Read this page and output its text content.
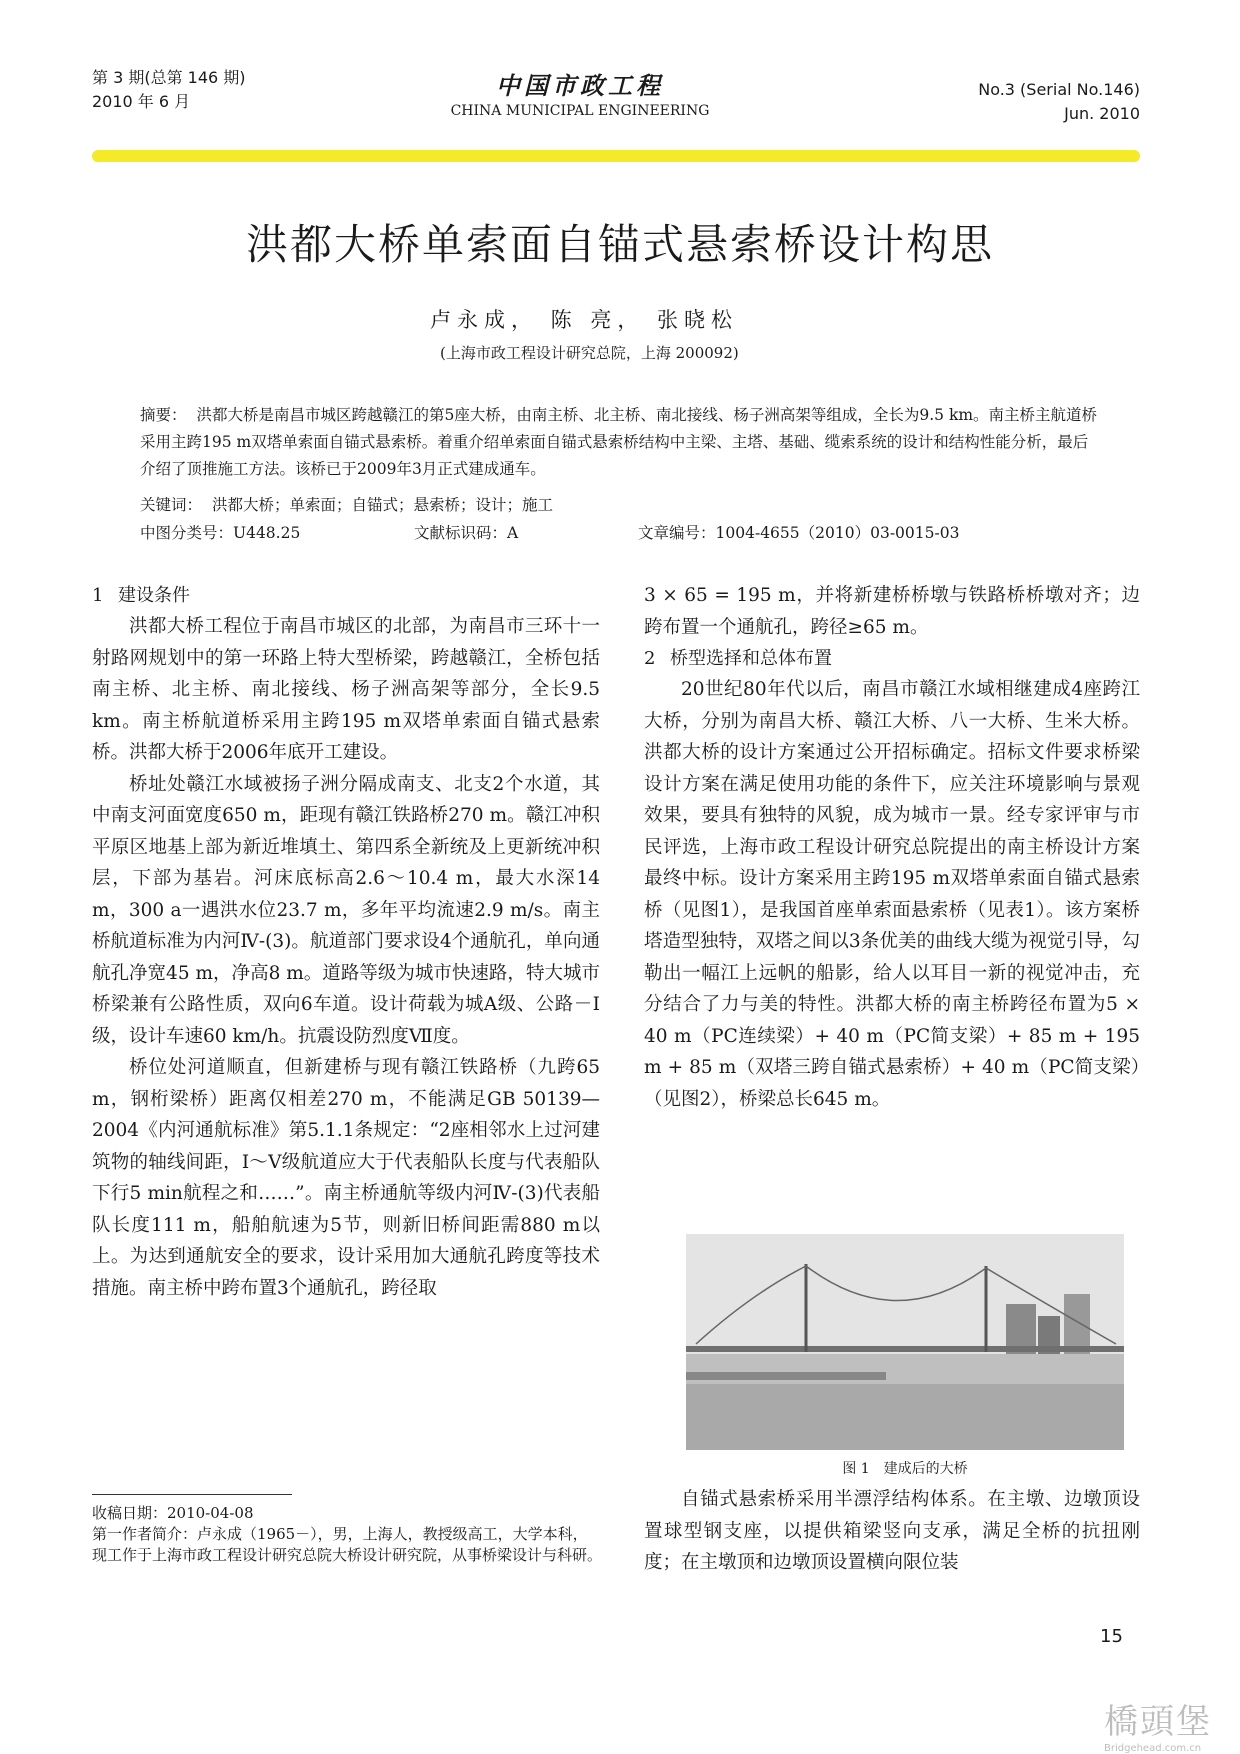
第 3 期(总第 146 期)
2010 年 6 月
中国市政工程
CHINA MUNICIPAL ENGINEERING
No.3 (Serial No.146)
Jun. 2010
洪都大桥单索面自锚式悬索桥设计构思
卢永成， 陈 亮， 张晓松
(上海市政工程设计研究总院，上海 200092)
摘要： 洪都大桥是南昌市城区跨越赣江的第5座大桥，由南主桥、北主桥、南北接线、杨子洲高架等组成，全长为9.5 km。南主桥主航道桥采用主跨195 m双塔单索面自锚式悬索桥。着重介绍单索面自锚式悬索桥结构中主梁、主塔、基础、缆索系统的设计和结构性能分析，最后介绍了顶推施工方法。该桥已于2009年3月正式建成通车。
关键词： 洪都大桥；单索面；自锚式；悬索桥；设计；施工
中图分类号：U448.25	文献标识码：A	文章编号：1004-4655（2010）03-0015-03
1 建设条件

洪都大桥工程位于南昌市城区的北部，为南昌市三环十一射路网规划中的第一环路上特大型桥梁，跨越赣江，全桥包括南主桥、北主桥、南北接线、杨子洲高架等部分，全长9.5 km。南主桥航道桥采用主跨195 m双塔单索面自锚式悬索桥。洪都大桥于2006年底开工建设。

桥址处赣江水域被扬子洲分隔成南支、北支2个水道，其中南支河面宽度650 m，距现有赣江铁路桥270 m。赣江冲积平原区地基上部为新近堆填土、第四系全新统及上更新统冲积层，下部为基岩。河床底标高2.6～10.4 m，最大水深14 m，300 a一遇洪水位23.7 m，多年平均流速2.9 m/s。南主桥航道标准为内河Ⅳ-(3)。航道部门要求设4个通航孔，单向通航孔净宽45 m，净高8 m。道路等级为城市快速路，特大城市桥梁兼有公路性质，双向6车道。设计荷载为城A级、公路－Ⅰ级，设计车速60 km/h。抗震设防烈度Ⅶ度。

桥位处河道顺直，但新建桥与现有赣江铁路桥（九跨65 m，钢桁梁桥）距离仅相差270 m，不能满足GB 50139—2004《内河通航标准》第5.1.1条规定：“2座相邻水上过河建筑物的轴线间距，Ⅰ～Ⅴ级航道应大于代表船队长度与代表船队下行5 min航程之和……”。南主桥通航等级内河Ⅳ-(3)代表船队长度111 m，船舶航速为5节，则新旧桥间距需880 m以上。为达到通航安全的要求，设计采用加大通航孔跨度等技术措施。南主桥中跨布置3个通航孔，跨径取

3 × 65 = 195 m，并将新建桥桥墩与铁路桥桥墩对齐；边跨布置一个通航孔，跨径≥65 m。

2 桥型选择和总体布置

20世纪80年代以后，南昌市赣江水域相继建成4座跨江大桥，分别为南昌大桥、赣江大桥、八一大桥、生米大桥。洪都大桥的设计方案通过公开招标确定。招标文件要求桥梁设计方案在满足使用功能的条件下，应关注环境影响与景观效果，要具有独特的风貌，成为城市一景。经专家评审与市民评选，上海市政工程设计研究总院提出的南主桥设计方案最终中标。设计方案采用主跨195 m双塔单索面自锚式悬索桥（见图1），是我国首座单索面悬索桥（见表1）。该方案桥塔造型独特，双塔之间以3条优美的曲线大缆为视觉引导，勾勒出一幅江上远帆的船影，给人以耳目一新的视觉冲击，充分结合了力与美的特性。洪都大桥的南主桥跨径布置为5 × 40 m（PC连续梁）+ 40 m（PC简支梁）+ 85 m + 195 m + 85 m（双塔三跨自锚式悬索桥）+ 40 m（PC简支梁）（见图2），桥梁总长645 m。

图 1　建成后的大桥

自锚式悬索桥采用半漂浮结构体系。在主墩、边墩顶设置球型钢支座，以提供箱梁竖向支承，满足全桥的抗扭刚度；在主墩顶和边墩顶设置横向限位装

收稿日期：2010-04-08
第一作者简介：卢永成（1965－），男，上海人，教授级高工，大学本科，现工作于上海市政工程设计研究总院大桥设计研究院，从事桥梁设计与科研。
15
橋頭堡
Bridgehead.com.cn
